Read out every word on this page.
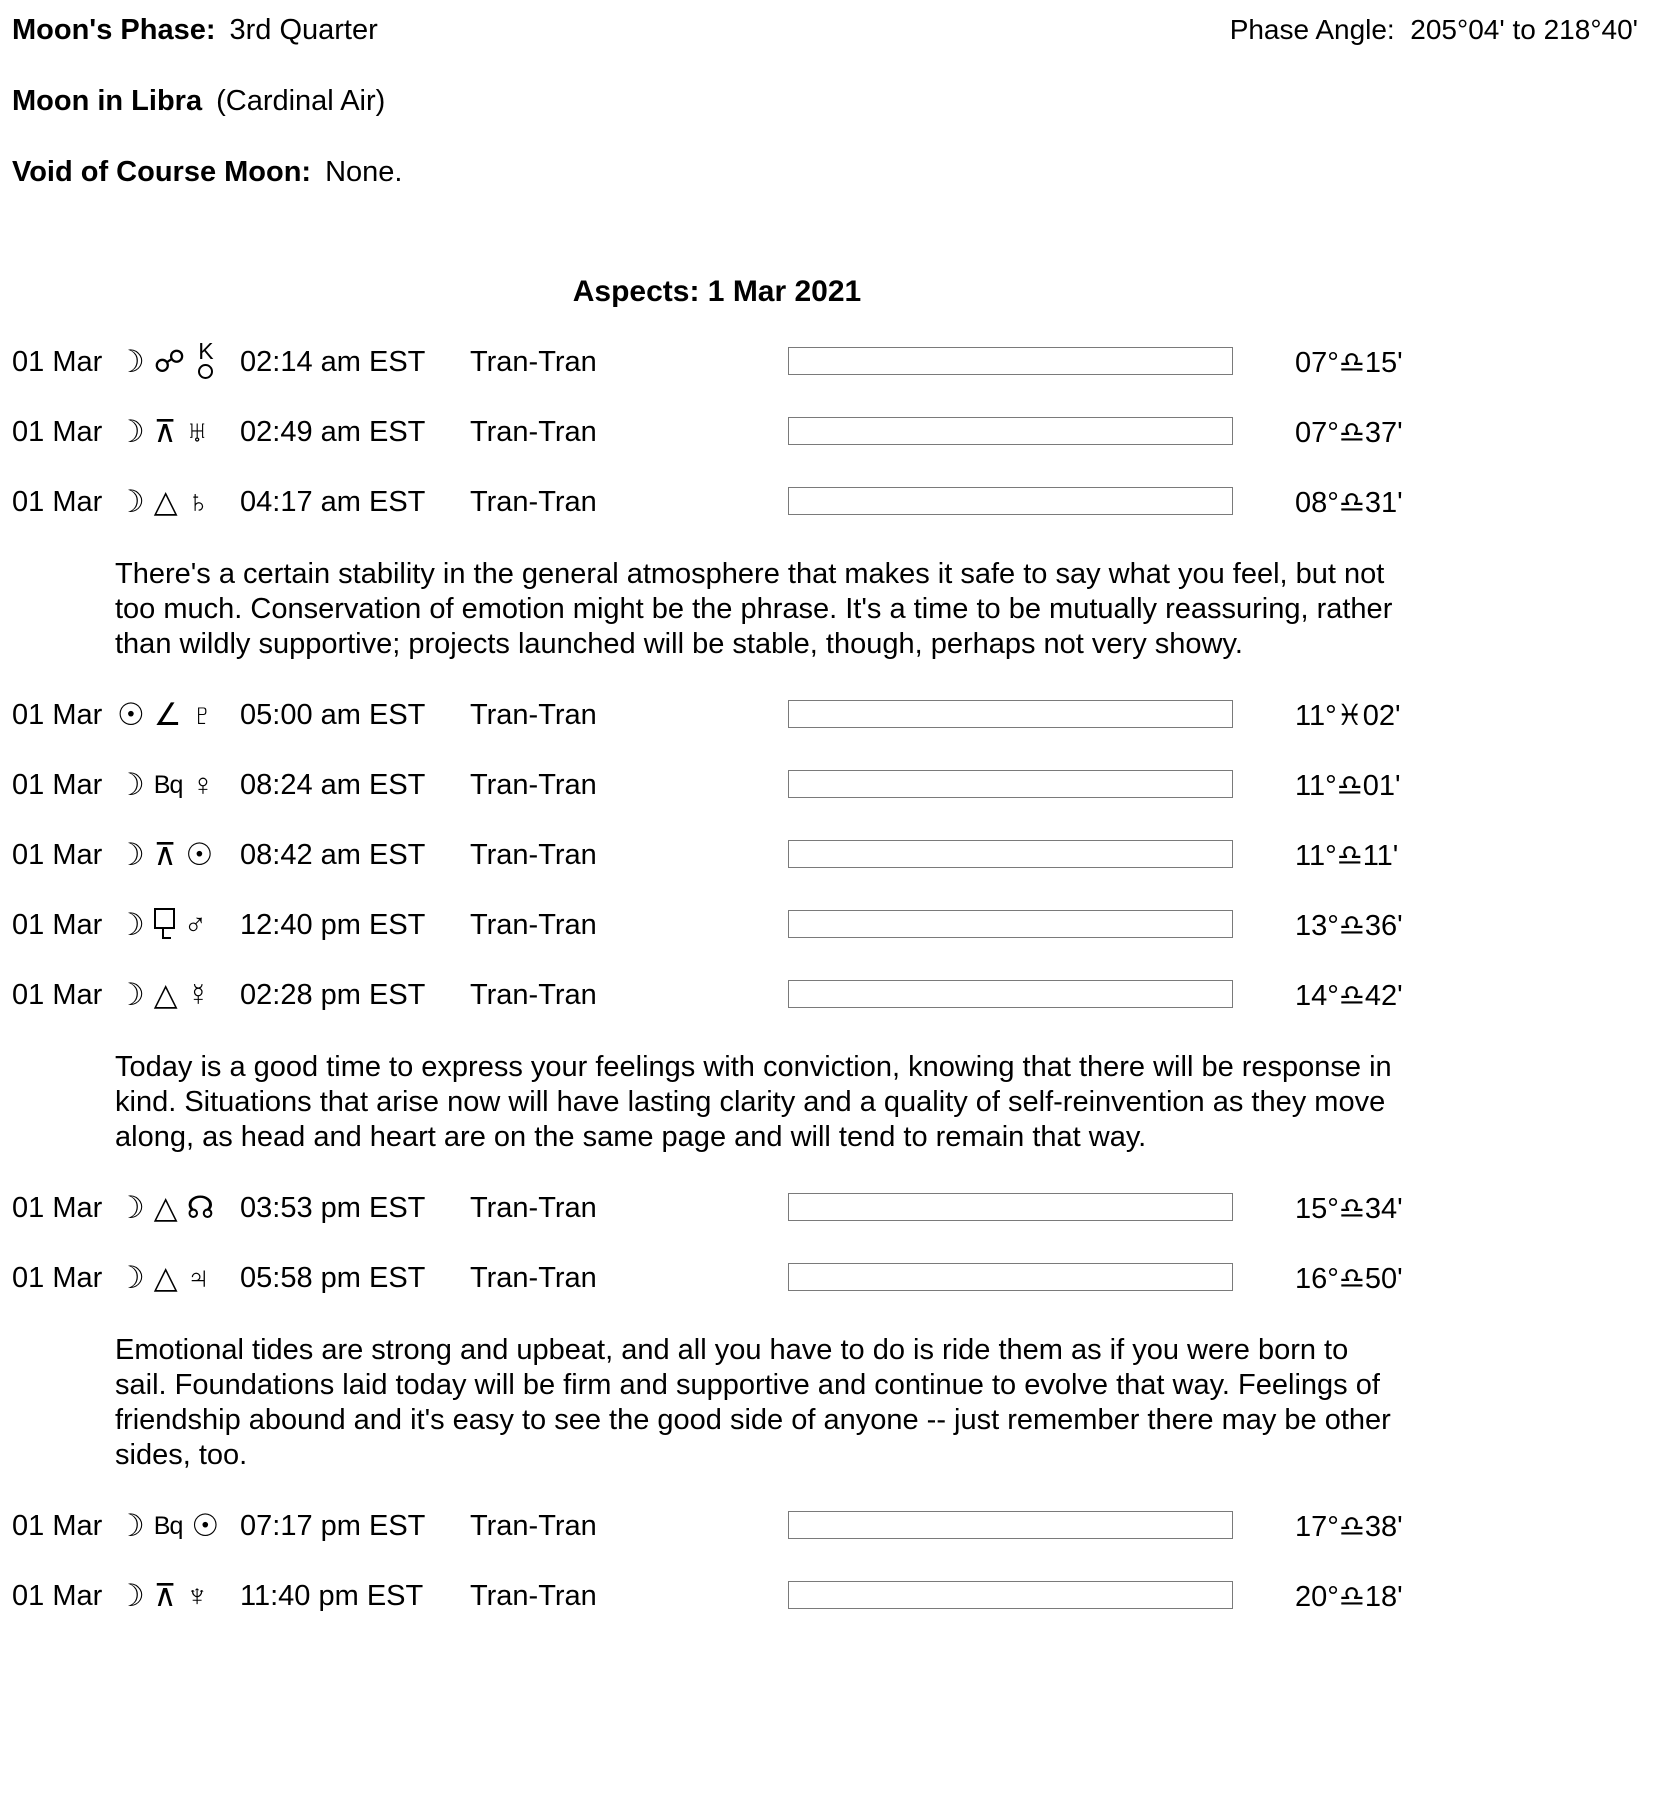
Moon's Phase: 3rd Quarter	Phase Angle: 205°04' to 218°40'
Moon in Libra (Cardinal Air)
Void of Course Moon: None.
Aspects: 1 Mar 2021
01 Mar ☽ ☍ K 02:14 am EST	Tran-Tran	07°♎15'
01 Mar ☽ ⊼ ♅ 02:49 am EST	Tran-Tran	07°♎37'
01 Mar ☽ △ ♄ 04:17 am EST	Tran-Tran	08°♎31'
There's a certain stability in the general atmosphere that makes it safe to say what you feel, but not too much. Conservation of emotion might be the phrase. It's a time to be mutually reassuring, rather than wildly supportive; projects launched will be stable, though, perhaps not very showy.
01 Mar ☉ ∠ ♇ 05:00 am EST	Tran-Tran	11°♓02'
01 Mar ☽ Bq ♀ 08:24 am EST	Tran-Tran	11°♎01'
01 Mar ☽ ⊼ ☉ 08:42 am EST	Tran-Tran	11°♎11'
01 Mar ☽ ♂ 12:40 pm EST	Tran-Tran	13°♎36'
01 Mar ☽ △ ☿ 02:28 pm EST	Tran-Tran	14°♎42'
Today is a good time to express your feelings with conviction, knowing that there will be response in kind. Situations that arise now will have lasting clarity and a quality of self-reinvention as they move along, as head and heart are on the same page and will tend to remain that way.
01 Mar ☽ △ ☊ 03:53 pm EST	Tran-Tran	15°♎34'
01 Mar ☽ △ ♃ 05:58 pm EST	Tran-Tran	16°♎50'
Emotional tides are strong and upbeat, and all you have to do is ride them as if you were born to sail. Foundations laid today will be firm and supportive and continue to evolve that way. Feelings of friendship abound and it's easy to see the good side of anyone -- just remember there may be other sides, too.
01 Mar ☽ Bq ☉ 07:17 pm EST	Tran-Tran	17°♎38'
01 Mar ☽ ⊼ ♆ 11:40 pm EST	Tran-Tran	20°♎18'
